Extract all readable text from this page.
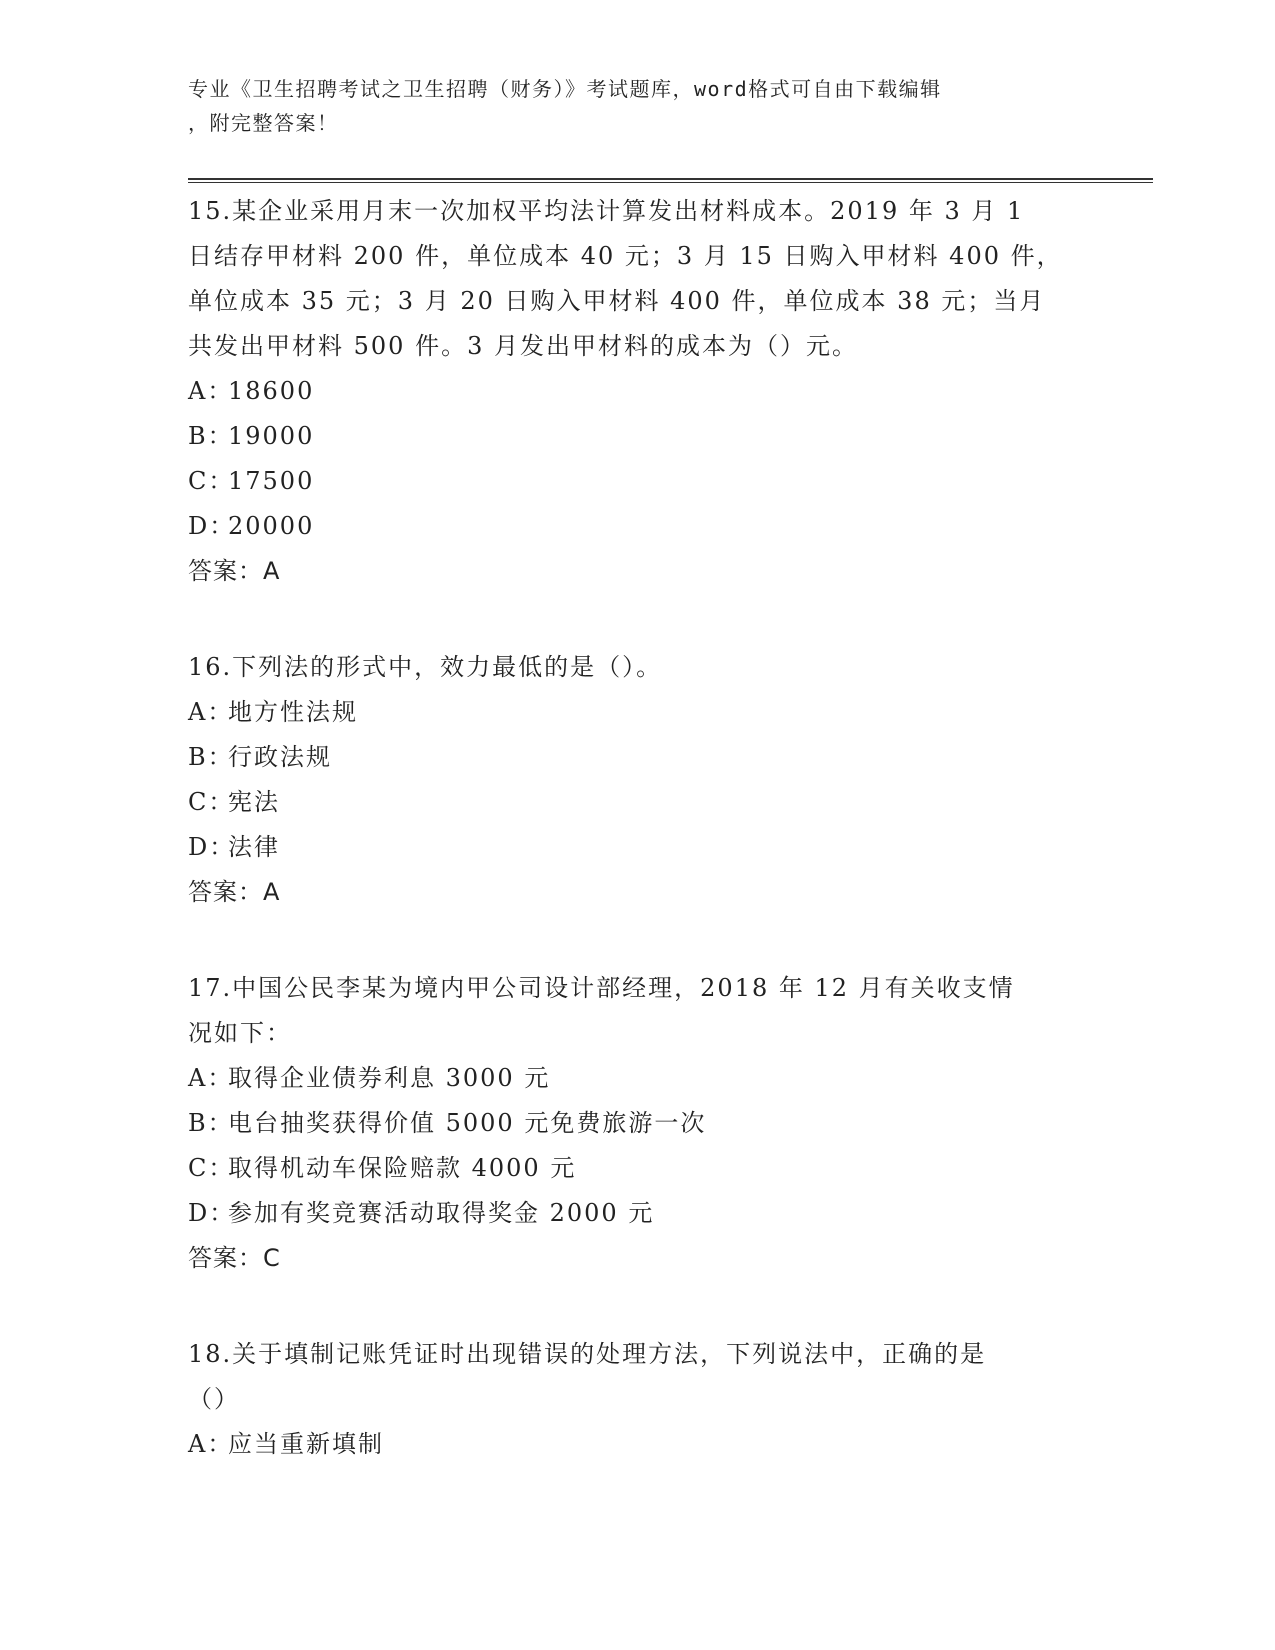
专业《卫生招聘考试之卫生招聘（财务）》考试题库，word格式可自由下载编辑
，附完整答案！
15.某企业采用月末一次加权平均法计算发出材料成本。2019 年 3 月 1
日结存甲材料 200 件，单位成本 40 元；3 月 15 日购入甲材料 400 件，
单位成本 35 元；3 月 20 日购入甲材料 400 件，单位成本 38 元；当月
共发出甲材料 500 件。3 月发出甲材料的成本为（）元。
A：
18600
B：
19000
C：
17500
D：
20000
答案：A
16.下列法的形式中，效力最低的是（）。
A：
地方性法规
B：
行政法规
C：
宪法
D：
法律
答案：A
17.中国公民李某为境内甲公司设计部经理，2018 年 12 月有关收支情
况如下：
A：
取得企业债券利息 3000 元
B：
电台抽奖获得价值 5000 元免费旅游一次
C：
取得机动车保险赔款 4000 元
D：
参加有奖竞赛活动取得奖金 2000 元
答案：C
18.关于填制记账凭证时出现错误的处理方法，下列说法中，正确的是
（）
A：
应当重新填制
